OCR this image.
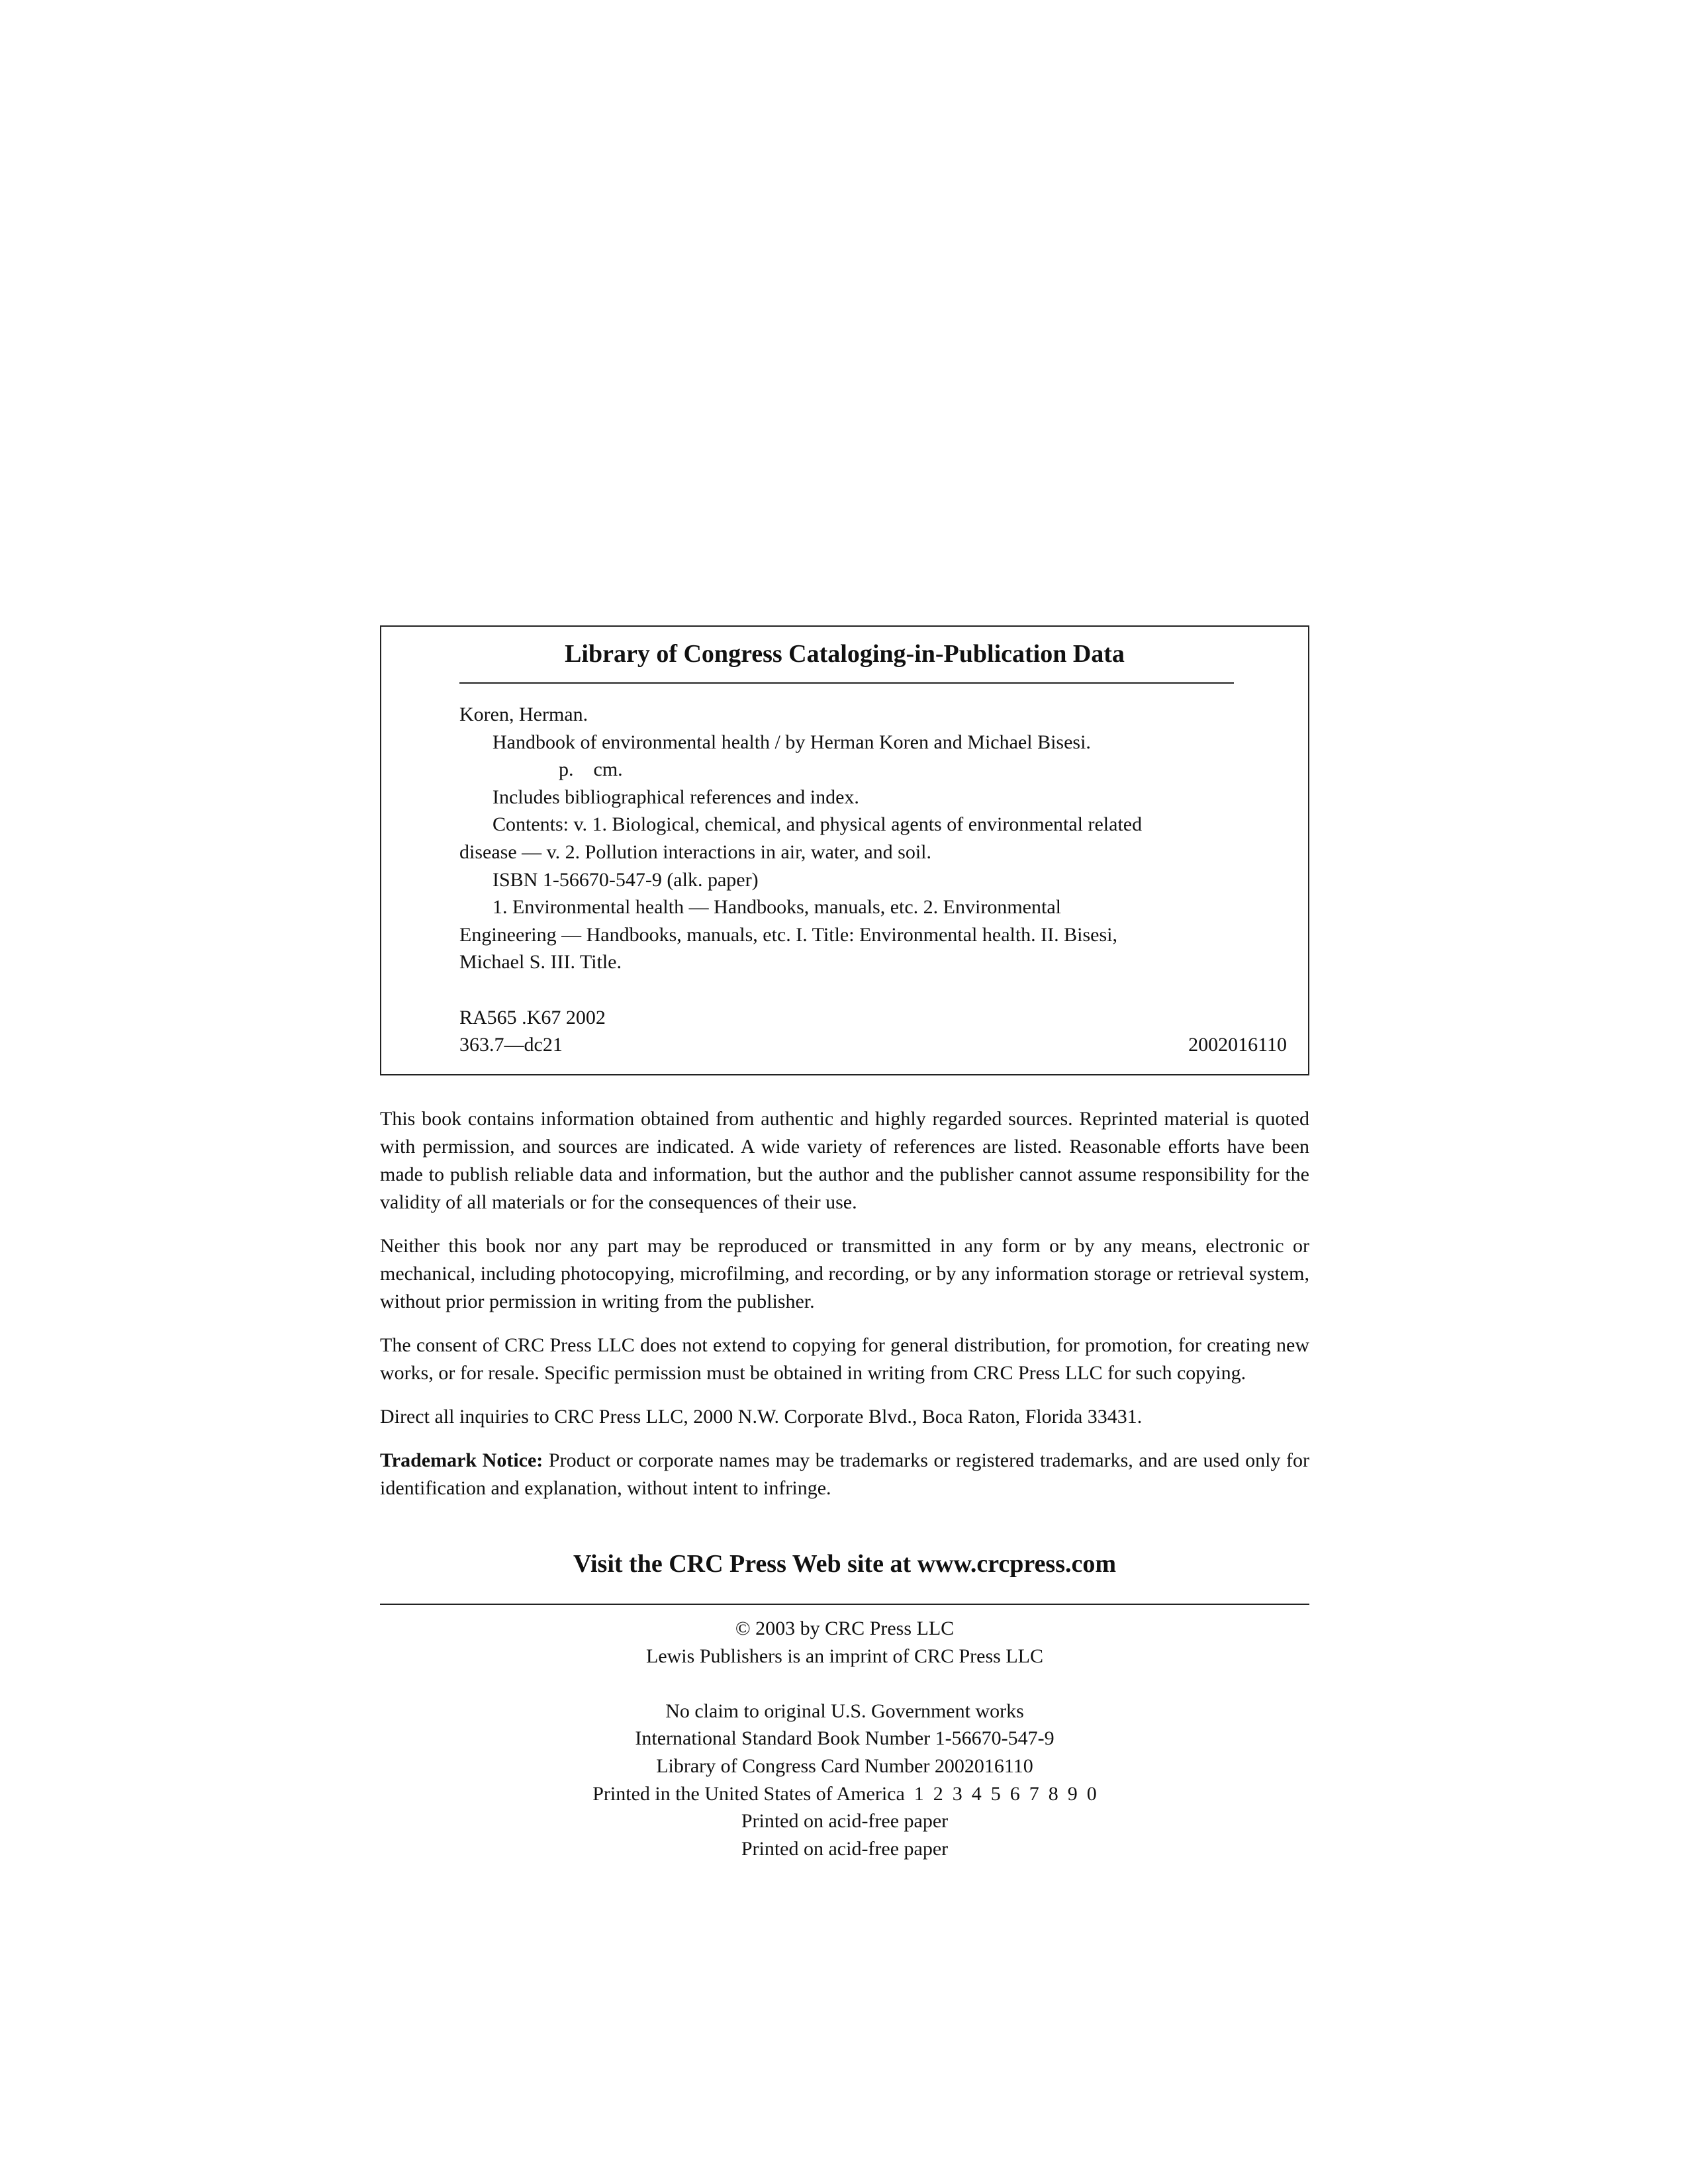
Library of Congress Cataloging-in-Publication Data
Koren, Herman.
Handbook of environmental health / by Herman Koren and Michael Bisesi.
p.    cm.
Includes bibliographical references and index.
Contents: v. 1. Biological, chemical, and physical agents of environmental related
disease — v. 2. Pollution interactions in air, water, and soil.
ISBN 1-56670-547-9 (alk. paper)
1. Environmental health — Handbooks, manuals, etc. 2. Environmental
Engineering — Handbooks, manuals, etc. I. Title: Environmental health. II. Bisesi,
Michael S. III. Title.
RA565 .K67 2002
363.7—dc21	2002016110

This book contains information obtained from authentic and highly regarded sources. Reprinted material is quoted with permission, and sources are indicated. A wide variety of references are listed. Reasonable efforts have been made to publish reliable data and information, but the author and the publisher cannot assume responsibility for the validity of all materials or for the consequences of their use.

Neither this book nor any part may be reproduced or transmitted in any form or by any means, electronic or mechanical, including photocopying, microfilming, and recording, or by any information storage or retrieval system, without prior permission in writing from the publisher.

The consent of CRC Press LLC does not extend to copying for general distribution, for promotion, for creating new works, or for resale. Specific permission must be obtained in writing from CRC Press LLC for such copying.

Direct all inquiries to CRC Press LLC, 2000 N.W. Corporate Blvd., Boca Raton, Florida 33431.

Trademark Notice: Product or corporate names may be trademarks or registered trademarks, and are used only for identification and explanation, without intent to infringe.

Visit the CRC Press Web site at www.crcpress.com
© 2003 by CRC Press LLC
Lewis Publishers is an imprint of CRC Press LLC
No claim to original U.S. Government works
International Standard Book Number 1-56670-547-9
Library of Congress Card Number 2002016110
Printed in the United States of America 1 2 3 4 5 6 7 8 9 0
Printed on acid-free paper
Printed on acid-free paper
